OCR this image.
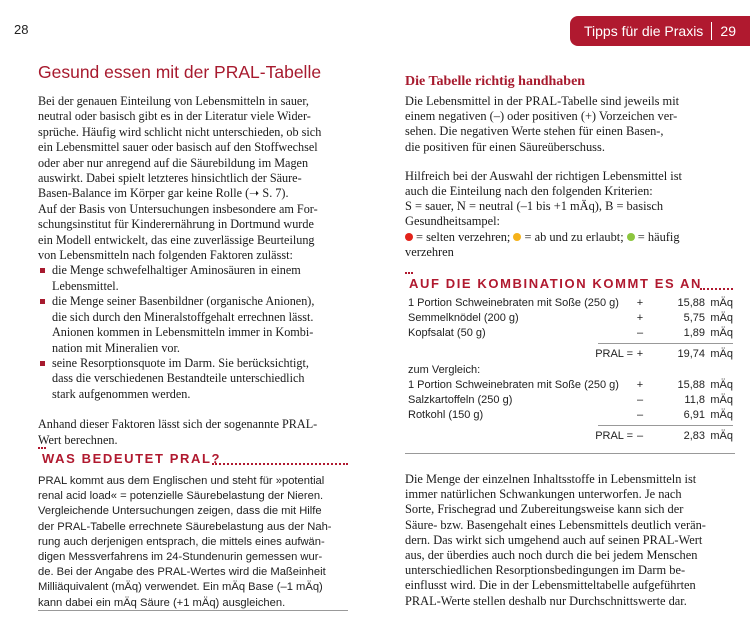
28
Gesund essen mit der PRAL-Tabelle

Bei der genauen Einteilung von Lebensmitteln in sauer,

neutral oder basisch gibt es in der Literatur viele Wider-

sprüche. Häufig wird schlicht nicht unterschieden, ob sich

ein Lebensmittel sauer oder basisch auf den Stoffwechsel

oder aber nur anregend auf die Säurebildung im Magen

auswirkt. Dabei spielt letzteres hinsichtlich der Säure-

Basen-Balance im Körper gar keine Rolle (➝ S. 7).

Auf der Basis von Untersuchungen insbesondere am For-

schungsinstitut für Kinderernährung in Dortmund wurde

ein Modell entwickelt, das eine zuverlässige Beurteilung

von Lebensmitteln nach folgenden Faktoren zulässt:

die Menge schwefelhaltiger Aminosäuren in einem
Lebensmittel.
die Menge seiner Basenbildner (organische Anionen),
die sich durch den Mineralstoffgehalt errechnen lässt.
Anionen kommen in Lebensmitteln immer in Kombi-
nation mit Mineralien vor.
seine Resorptionsquote im Darm. Sie berücksichtigt,
dass die verschiedenen Bestandteile unterschiedlich
stark aufgenommen werden.

Anhand dieser Faktoren lässt sich der sogenannte PRAL-

Wert berechnen.

WAS BEDEUTET PRAL?
PRAL kommt aus dem Englischen und steht für »potential
renal acid load« = potenzielle Säurebelastung der Nieren.
Vergleichende Untersuchungen zeigen, dass die mit Hilfe
der PRAL-Tabelle errechnete Säurebelastung aus der Nah-
rung auch derjenigen entsprach, die mittels eines aufwän-
digen Messverfahrens im 24-Stundenurin gemessen wur-
de. Bei der Angabe des PRAL-Wertes wird die Maßeinheit
Milliäquivalent (mÄq) verwendet. Ein mÄq Base (–1 mÄq)
kann dabei ein mÄq Säure (+1 mÄq) ausgleichen.
Tipps für die Praxis 29
Die Tabelle richtig handhaben

Die Lebensmittel in der PRAL-Tabelle sind jeweils mit

einem negativen (–) oder positiven (+) Vorzeichen ver-

sehen. Die negativen Werte stehen für einen Basen-,

die positiven für einen Säureüberschuss.

Hilfreich bei der Auswahl der richtigen Lebensmittel ist

auch die Einteilung nach den folgenden Kriterien:

S = sauer, N = neutral (–1 bis +1 mÄq), B = basisch

Gesundheitsampel:

= selten verzehren; = ab und zu erlaubt; = häufig

verzehren

AUF DIE KOMBINATION KOMMT ES AN
1 Portion Schweinebraten mit Soße (250 g)	+	15,88 mÄq
Semmelknödel (200 g)	+	5,75 mÄq
Kopfsalat (50 g)	–	1,89 mÄq
PRAL = +	19,74 mÄq
zum Vergleich:
1 Portion Schweinebraten mit Soße (250 g)	+	15,88 mÄq
Salzkartoffeln (250 g)	–	11,8 mÄq
Rotkohl (150 g)	–	6,91 mÄq
PRAL = –	2,83 mÄq

Die Menge der einzelnen Inhaltsstoffe in Lebensmitteln ist

immer natürlichen Schwankungen unterworfen. Je nach

Sorte, Frischegrad und Zubereitungsweise kann sich der

Säure- bzw. Basengehalt eines Lebensmittels deutlich verän-

dern. Das wirkt sich umgehend auch auf seinen PRAL-Wert

aus, der überdies auch noch durch die bei jedem Menschen

unterschiedlichen Resorptionsbedingungen im Darm be-

einflusst wird. Die in der Lebensmitteltabelle aufgeführten

PRAL-Werte stellen deshalb nur Durchschnittswerte dar.
